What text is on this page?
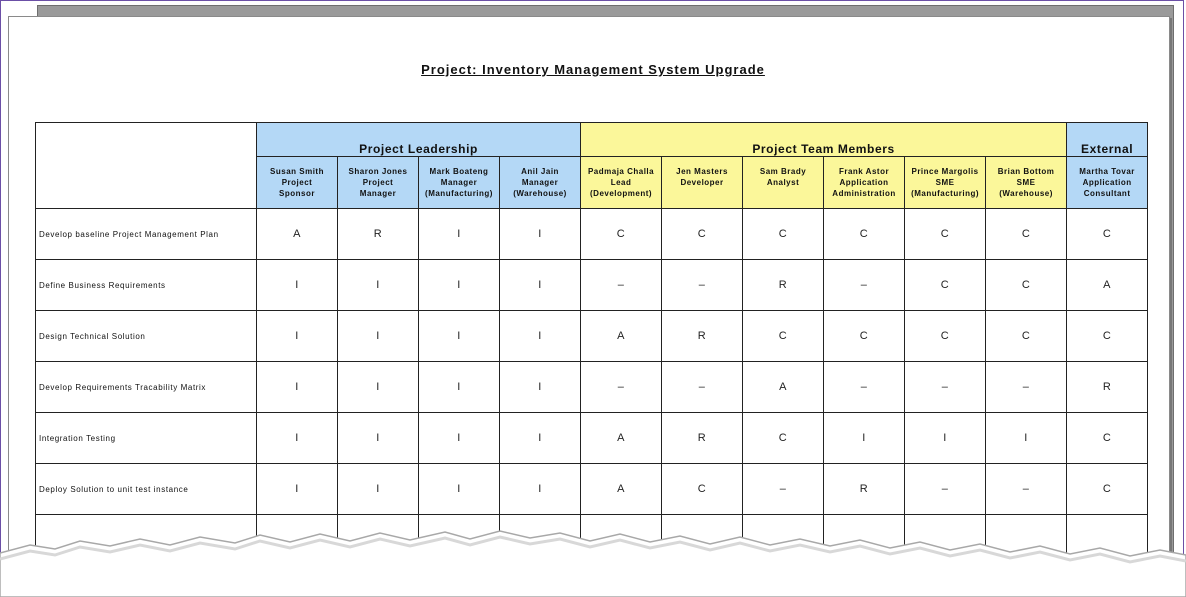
Project: Inventory Management System Upgrade
	Project Leadership				Project Team Members						External

	Susan Smith
Project
Sponsor	Sharon Jones
Project
Manager	Mark Boateng
Manager
(Manufacturing)	Anil Jain
Manager
(Warehouse)	Padmaja Challa
Lead
(Development)	Jen Masters
Developer	Sam Brady
Analyst	Frank Astor
Application
Administration	Prince Margolis
SME
(Manufacturing)	Brian Bottom
SME
(Warehouse)	Martha Tovar
Application
Consultant

Develop baseline Project Management Plan	A	R	I	I	C	C	C	C	C	C	C
Define Business Requirements	I	I	I	I	–	–	R	–	C	C	A
Design Technical Solution	I	I	I	I	A	R	C	C	C	C	C
Develop Requirements Tracability Matrix	I	I	I	I	–	–	A	–	–	–	R
Integration Testing	I	I	I	I	A	R	C	I	I	I	C
Deploy Solution to unit test instance	I	I	I	I	A	C	–	R	–	–	C
